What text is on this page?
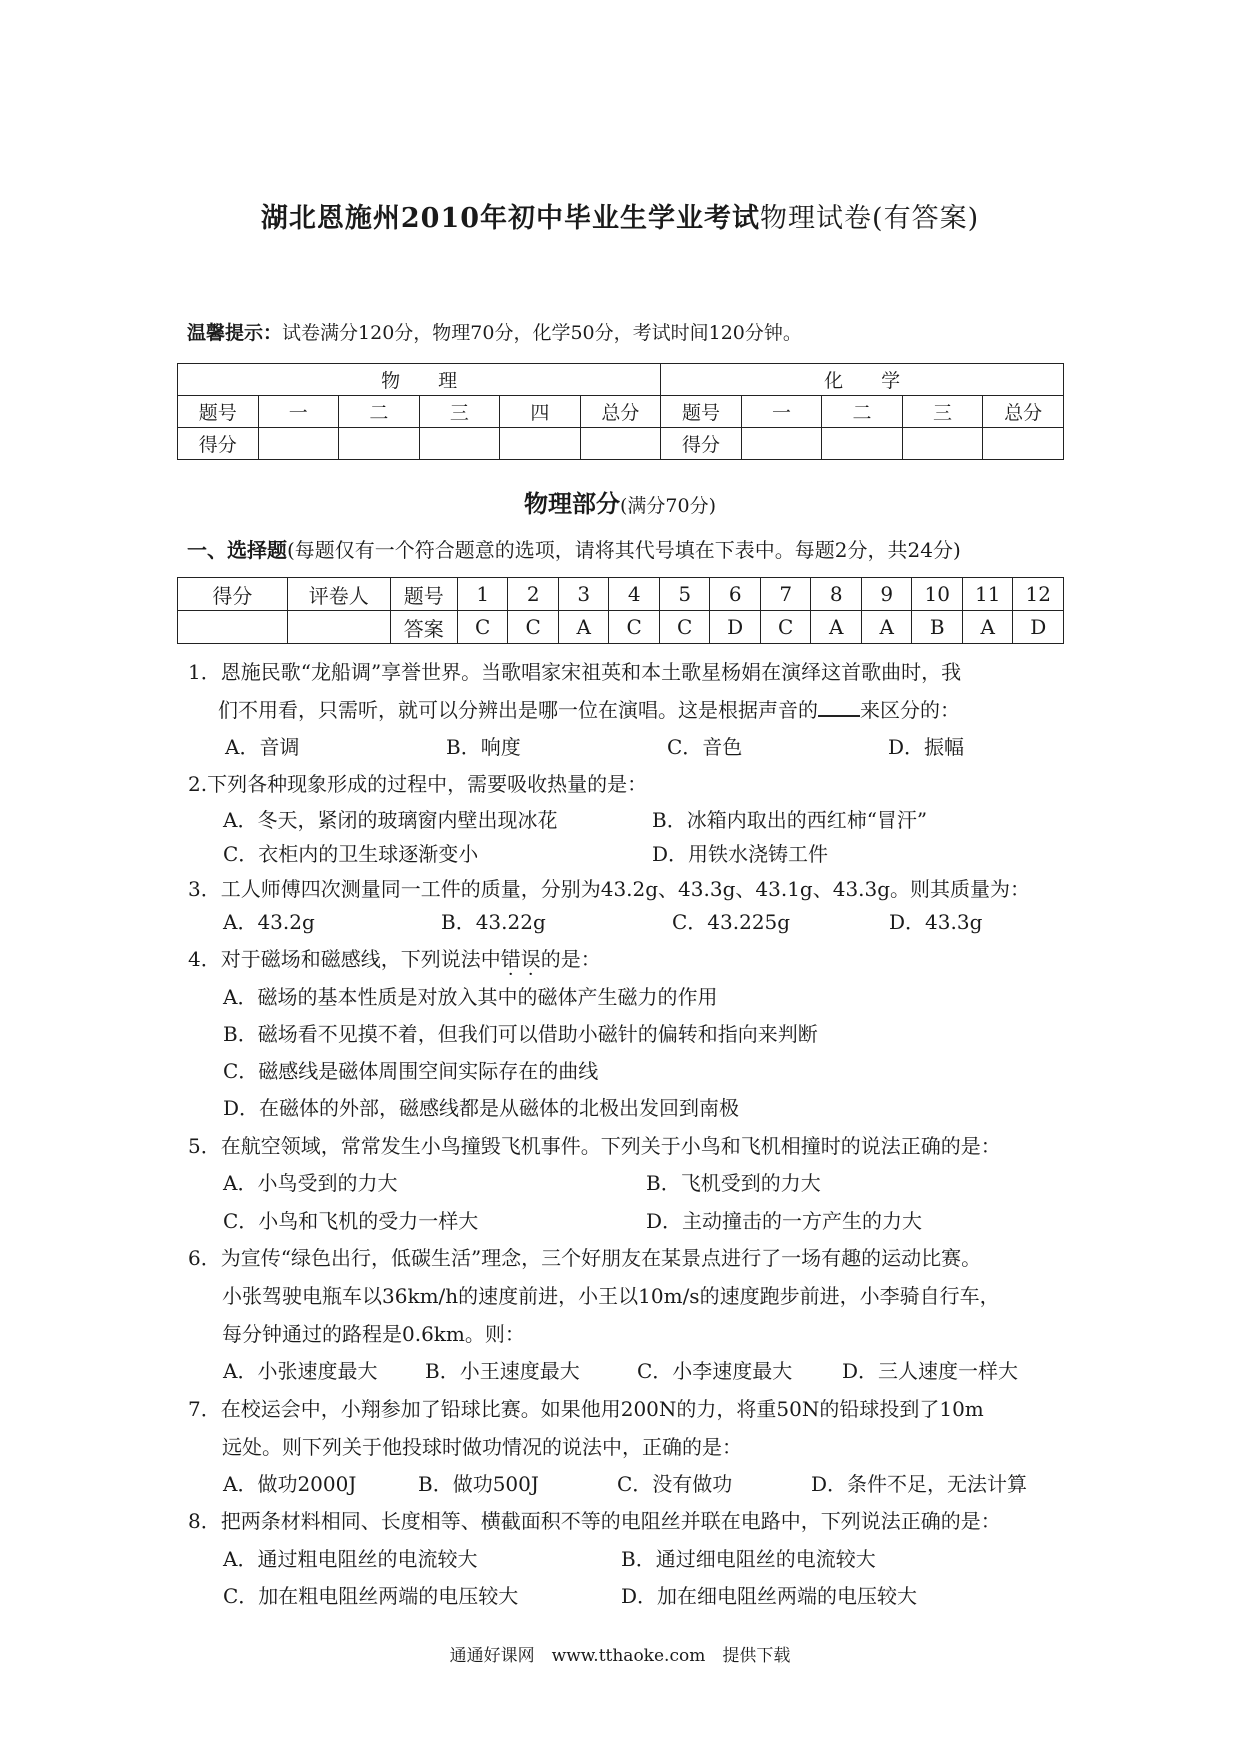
湖北恩施州2010年初中毕业生学业考试物理试卷(有答案)
温馨提示：试卷满分120分，物理70分，化学50分，考试时间120分钟。
物　　理						化　　学				
题号	一	二	三	四	总分	题号	一	二	三	总分
得分						得分				
物理部分(满分70分)
一、选择题(每题仅有一个符合题意的选项，请将其代号填在下表中。每题2分，共24分)
得分	评卷人	题号	1	2	3	4	5	6	7	8	9	10	11	12
		答案	C	C	A	C	C	D	C	A	A	B	A	D
1．恩施民歌“龙船调”享誉世界。当歌唱家宋祖英和本土歌星杨娟在演绎这首歌曲时，我
们不用看，只需听，就可以分辨出是哪一位在演唱。这是根据声音的 来区分的：
A．音调	B．响度	C．音色	D．振幅
2.下列各种现象形成的过程中，需要吸收热量的是：
A．冬天，紧闭的玻璃窗内壁出现冰花	B．冰箱内取出的西红柿“冒汗”
C．衣柜内的卫生球逐渐变小	D．用铁水浇铸工件
3．工人师傅四次测量同一工件的质量，分别为43.2g、43.3g、43.1g、43.3g。则其质量为：
A．43.2g	B．43.22g	C．43.225g	D．43.3g
4．对于磁场和磁感线，下列说法中错误的是：
A．磁场的基本性质是对放入其中的磁体产生磁力的作用
B．磁场看不见摸不着，但我们可以借助小磁针的偏转和指向来判断
C．磁感线是磁体周围空间实际存在的曲线
D．在磁体的外部，磁感线都是从磁体的北极出发回到南极
5．在航空领域，常常发生小鸟撞毁飞机事件。下列关于小鸟和飞机相撞时的说法正确的是：
A．小鸟受到的力大	B．飞机受到的力大
C．小鸟和飞机的受力一样大	D．主动撞击的一方产生的力大
6．为宣传“绿色出行，低碳生活”理念，三个好朋友在某景点进行了一场有趣的运动比赛。
小张驾驶电瓶车以36km/h的速度前进，小王以10m/s的速度跑步前进，小李骑自行车，
每分钟通过的路程是0.6km。则：
A．小张速度最大 B．小王速度最大	C．小李速度最大 D．三人速度一样大
7．在校运会中，小翔参加了铅球比赛。如果他用200N的力，将重50N的铅球投到了10m
远处。则下列关于他投球时做功情况的说法中，正确的是：
A．做功2000J	B．做功500J	C．没有做功	D．条件不足，无法计算
8．把两条材料相同、长度相等、横截面积不等的电阻丝并联在电路中，下列说法正确的是：
A．通过粗电阻丝的电流较大	B．通过细电阻丝的电流较大
C．加在粗电阻丝两端的电压较大	D．加在细电阻丝两端的电压较大
通通好课网　www.tthaoke.com　提供下载
